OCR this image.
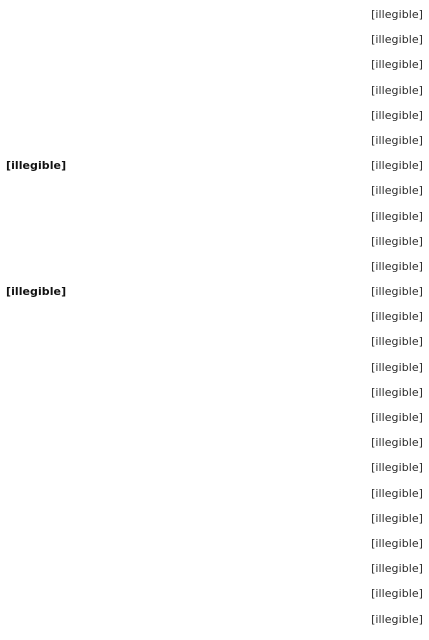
[illegible]
[illegible]
[illegible]
[illegible]
[illegible]
[illegible]
[illegible] [illegible]
[illegible]
[illegible]
[illegible]
[illegible]
[illegible] [illegible]
[illegible]
[illegible]
[illegible]
[illegible]
[illegible]
[illegible]
[illegible]
[illegible]
[illegible]
[illegible]
[illegible]
[illegible]
[illegible]
